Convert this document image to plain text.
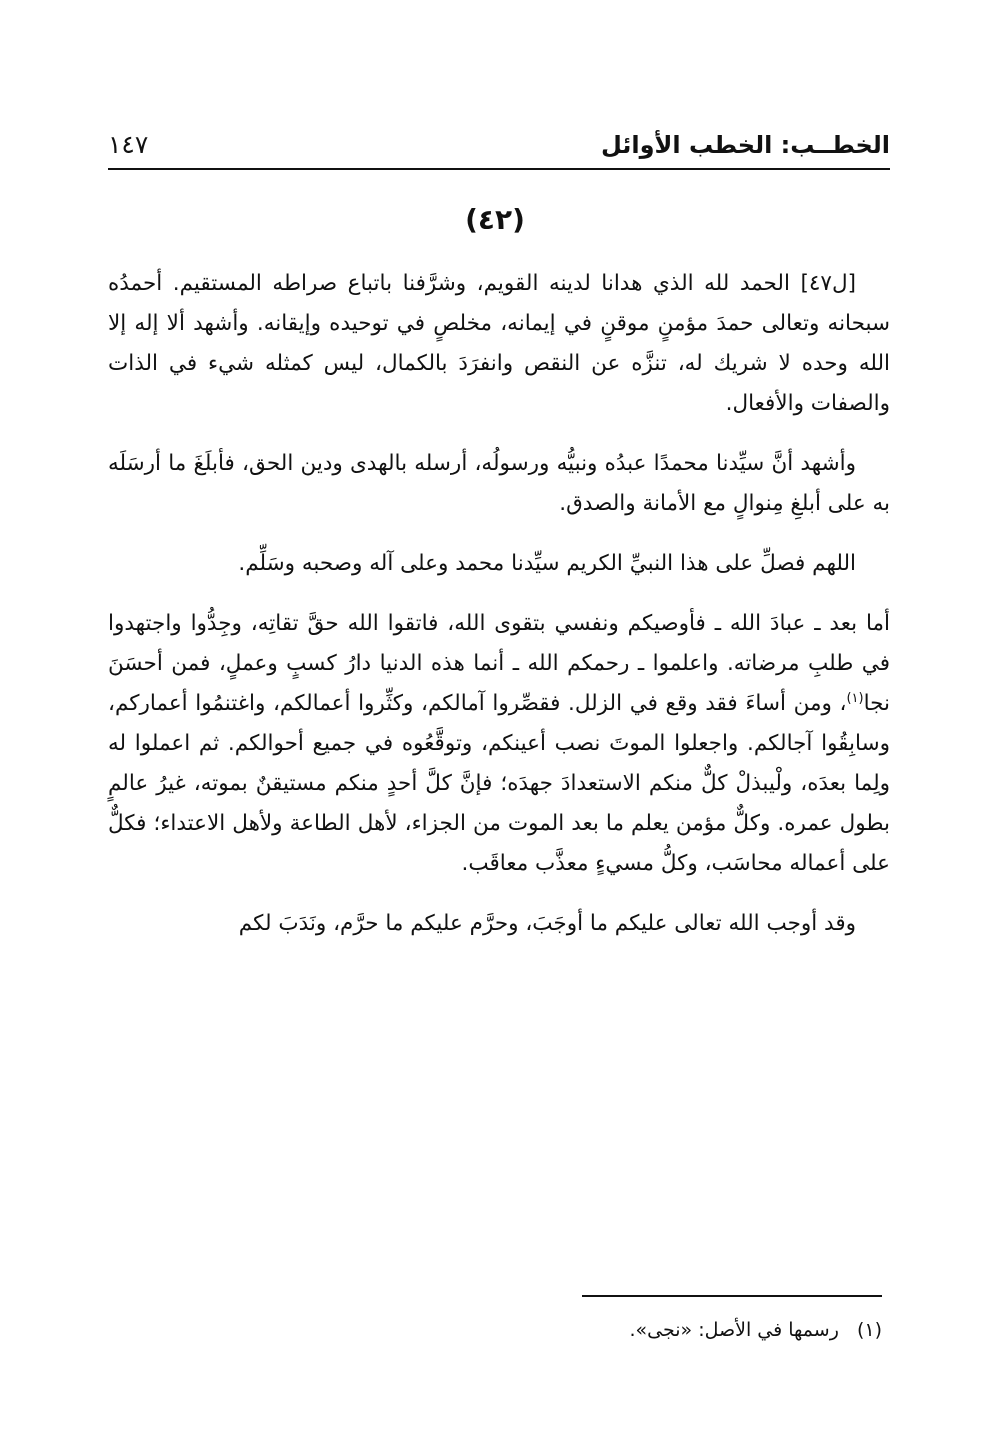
الخطــب: الخطب الأوائل
١٤٧
(٤٢)

[ل٤٧] الحمد لله الذي هدانا لدينه القويم، وشرَّفنا باتباع صراطه المستقيم. أحمدُه سبحانه وتعالى حمدَ مؤمنٍ موقنٍ في إيمانه، مخلصٍ في توحيده وإيقانه. وأشهد ألا إله إلا الله وحده لا شريك له، تنزَّه عن النقص وانفرَدَ بالكمال، ليس كمثله شيء في الذات والصفات والأفعال.

وأشهد أنَّ سيِّدنا محمدًا عبدُه ونبيُّه ورسولُه، أرسله بالهدى ودين الحق، فأبلَغَ ما أرسَلَه به على أبلغِ مِنوالٍ مع الأمانة والصدق.

اللهم فصلِّ على هذا النبيِّ الكريم سيِّدنا محمد وعلى آله وصحبه وسَلِّم.

أما بعد ـ عبادَ الله ـ فأوصيكم ونفسي بتقوى الله، فاتقوا الله حقَّ تقاتِه، وجِدُّوا واجتهدوا في طلبِ مرضاته. واعلموا ـ رحمكم الله ـ أنما هذه الدنيا دارُ كسبٍ وعملٍ، فمن أحسَنَ نجا$^{(١)}$، ومن أساءَ فقد وقع في الزلل. فقصِّروا آمالكم، وكثِّروا أعمالكم، واغتنمُوا أعماركم، وسابِقُوا آجالكم. واجعلوا الموتَ نصب أعينكم، وتوقَّعُوه في جميع أحوالكم. ثم اعملوا له ولِما بعدَه، ولْيبذلْ كلٌّ منكم الاستعدادَ جهدَه؛ فإنَّ كلَّ أحدٍ منكم مستيقنٌ بموته، غيرُ عالمٍ بطول عمره. وكلٌّ مؤمن يعلم ما بعد الموت من الجزاء، لأهل الطاعة ولأهل الاعتداء؛ فكلٌّ على أعماله محاسَب، وكلُّ مسيءٍ معذَّب معاقَب.

وقد أوجب الله تعالى عليكم ما أوجَبَ، وحرَّم عليكم ما حرَّم، ونَدَبَ لكم

(١) رسمها في الأصل: «نجى».
